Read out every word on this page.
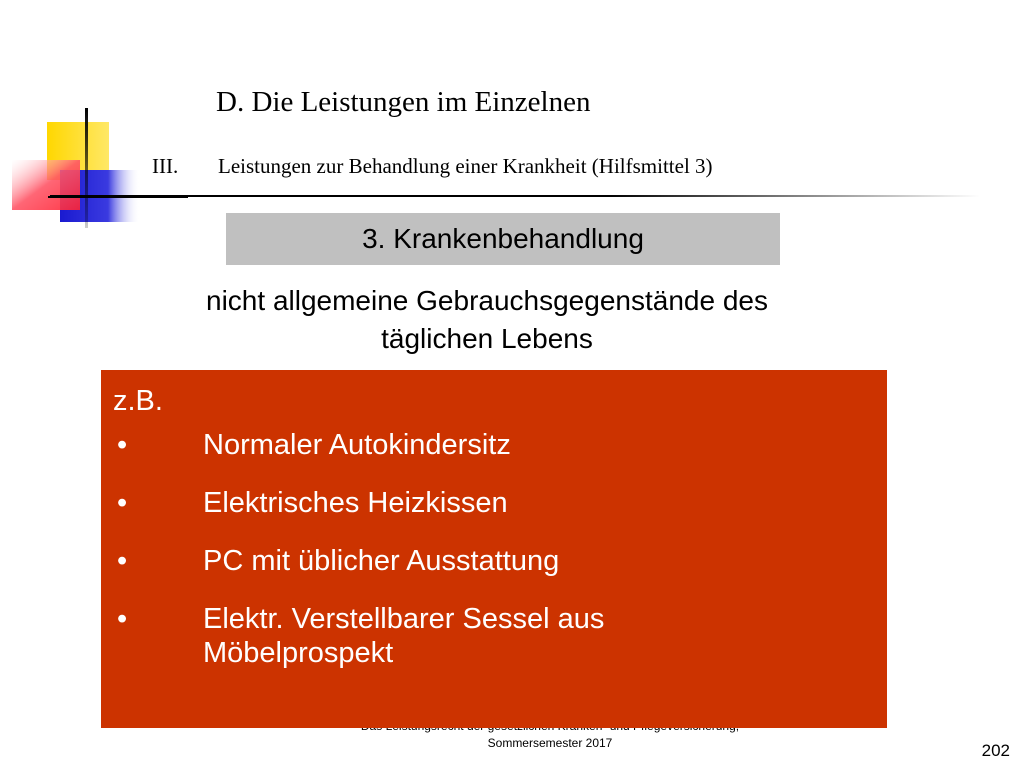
D. Die Leistungen im Einzelnen
III. Leistungen zur Behandlung einer Krankheit (Hilfsmittel 3)
3. Krankenbehandlung
nicht allgemeine Gebrauchsgegenstände des täglichen Lebens
Sommersemester 2017	202
z.B.
•	Normaler Autokindersitz
•	Elektrisches Heizkissen
•	PC mit üblicher Ausstattung
•	Elektr. Verstellbarer Sessel aus Möbelprospekt
